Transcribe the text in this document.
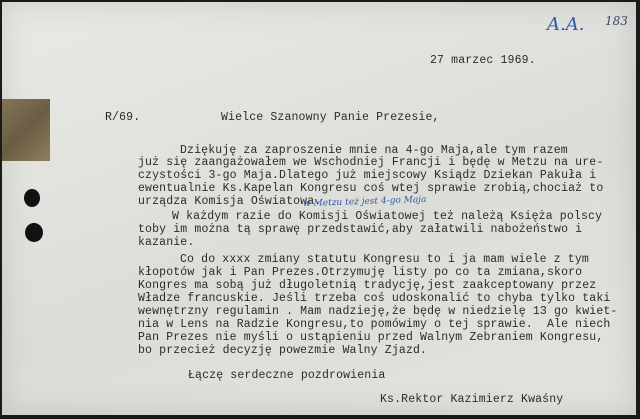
A.A. 183
27 marzec 1969.
R/69.	Wielce Szanowny Panie Prezesie,
Dziękuję za zaproszenie mnie na 4-go Maja,ale tym razem
już się zaangażowałem we Wschodniej Francji i będę w Metzu na ure-
czystości 3-go Maja.Dlatego już miejscowy Ksiądz Dziekan Pakuła i
ewentualnie Ks.Kapelan Kongresu coś wtej sprawie zrobią,chociaż to
urządza Komisja Oświatowa.
w Metzu też jest 4-go Maja
W każdym razie do Komisji Oświatowej też należą Księża polscy
toby im można tą sprawę przedstawić,aby załatwili nabożeństwo i
kazanie.
Co do xxxx zmiany statutu Kongresu to i ja mam wiele z tym
kłopotów jak i Pan Prezes.Otrzymuję listy po co ta zmiana,skoro
Kongres ma sobą już długoletnią tradycję,jest zaakceptowany przez
Władze francuskie. Jeśli trzeba coś udoskonalić to chyba tylko taki
wewnętrzny regulamin . Mam nadzieję,że będę w niedzielę 13 go kwiet-
nia w Lens na Radzie Kongresu,to pomówimy o tej sprawie.  Ale niech
Pan Prezes nie myśli o ustąpieniu przed Walnym Zebraniem Kongresu,
bo przecież decyzję powezmie Walny Zjazd.
Łączę serdeczne pozdrowienia
Ks.Rektor Kazimierz Kwaśny
